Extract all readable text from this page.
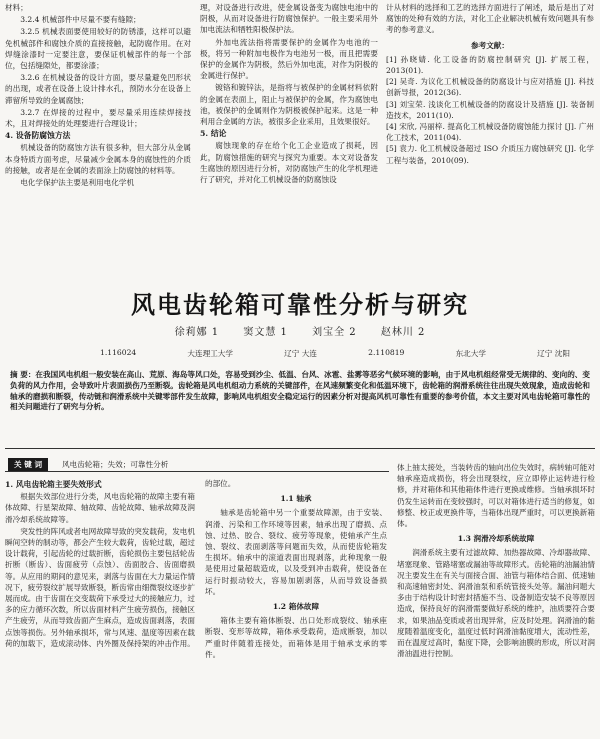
材料；

3.2.4 机械部件中尽量不要有缝隙；

3.2.5 机械表面要使用较好的防锈漆，这样可以避免机械部件和腐蚀介质的直接接触，起防腐作用。在对焊缝涂漆时一定要注意，要保证机械部件的每一个部位，包括缝隙处，都要涂漆；

3.2.6 在机械设备的设计方面，要尽量避免凹形状的出现，或者在设备上设计排水孔，预防水分在设备上滞留所导致的金属腐蚀；

3.2.7 在焊接的过程中，要尽量采用连续焊接技术，且对焊接处的处理要进行合理设计；

4. 设备防腐蚀方法

机械设备的防腐蚀方法有很多种，但大部分从金属本身特质方面考虑，尽量减少金属本身的腐蚀性的介质的接触，或者是在金属的表面涂上防腐蚀的材料等。

电化学保护法主要是利用电化学机

理，对设备进行改进，使金属设备变为腐蚀电池中的阴极，从而对设备进行防腐蚀保护。一般主要采用外加电流法和牺牲阳极保护法。

外加电流法指将需要保护的金属作为电池的一极，将另一种附加电极作为电池另一极，而且把需要保护的金属作为阴极，然后外加电流，对作为阴极的金属进行保护。

镀铬和镀锌法，是指将与被保护的金属材料依附的金属在表面上，阻止与被保护的金属，作为腐蚀电池，被保护的金属则作为阴极被保护起来。这是一种利用合金属的方法，被很多企业采用，且效果很好。

5. 结论

腐蚀现象的存在给个化工企业造成了损耗，因此，防腐蚀措施的研究与探究为重要。本文对设备发生腐蚀的原因进行分析，对防腐蚀产生的化学机理进行了研究，并对化工机械设备的防腐蚀设

计从材料的选择和工艺的选择方面进行了阐述，最后是出了对腐蚀的处种有效的方法，对化工企业解决机械有效问题具有参考的参考意义。

参考文献：

[1] 孙晓婧. 化工设备的防腐控制研究 [J]. 扩展工程，2013(01).

[2] 吴奇. 为议化工机械设备的防腐设计与应对措施 [J]. 科技创新导报，2012(36).

[3] 刘宝荣. 浅谈化工机械设备的防腐设计及措施 [J]. 装备制造技术，2011(10).

[4] 宋欣, 冯丽梓. 提高化工机械设备防腐蚀能力探讨 [J]. 广州化工技术，2011(04).

[5] 袁力. 化工机械设备超过 ISO 介质压力腐蚀研究 [J]. 化学工程与装备，2010(09).

风电齿轮箱可靠性分析与研究
徐莉娜 1 窦文慧 1 刘宝全 2 赵林川 2
1.116024	大连理工大学	辽宁 大连	2.110819	东北大学	辽宁 沈阳
摘 要：在我国风电机组一般安装在高山、荒原、海岛等风口处，容易受到沙尘、低温、台风、冰雹、盐雾等恶劣气候环境的影响，由于风电机组经常受无规律的、变向的、变负荷的风力作用，会导致叶片表面损伤乃至断裂。齿轮箱是风电机组动力系统的关键部件，在风速频繁变化和低温环境下，齿轮箱的润滑系统往往出现失效现象，造成齿轮和轴承的磨损和断裂，传动链和润滑系统中关键零部件发生故障，影响风电机组安全稳定运行的因素分析对提高风机可靠性有重要的参考价值，本文主要对风电齿轮箱可靠性的相关问题进行了研究与分析。
关 键 词	风电齿轮箱；失效；可靠性分析
1. 风电齿轮箱主要失效形式

根据失效部位进行分类，风电齿轮箱的故障主要有箱体故障、行星架故障、轴故障、齿轮故障、轴承故障及润滑冷却系统故障等。

突发性的阵风或者电网故障导致的突发载荷，发电机瞬间空转的制动等，都会产生较大载荷，齿轮过载，超过设计载荷，引起齿轮的过载折断，齿轮损伤主要包括轮齿折断（断齿）、齿面疲劳（点蚀）、齿面胶合、齿面磨损等。从应用的期间的意见来，剥落与齿面在大力量运作情况下，疲劳裂纹扩展导致断裂，断齿常由细微裂纹逐步扩展而成。由于齿面在交变载荷下承受过大的接触应力，过多的应力循环次数，所以齿面材料产生疲劳损伤，接触区产生疲劳，从而导致齿面产生麻点，造成齿面剥落，表面点蚀等损伤。另外轴承损坏，常与风速、温度等因素在载荷的加载下，造成滚动体、内外圈及保持架的冲击作用。

的部位。

1.1 轴承

轴承是齿轮箱中另一个重要故障源，由于安装、润滑、污染和工作环境等因素，轴承出现了磨损、点蚀、过热、胶合、裂纹、疲劳等现象，使轴承产生点蚀、裂纹、表面剥落等问题而失效，从而使齿轮箱发生损坏。轴承中的滚道表面出现剥落，此种现象一般是使用过量超载造成，以及受到冲击载荷，使设备在运行时振动较大，容易加剧剥落，从而导致设备损坏。

1.2 箱体故障

箱体主要有箱体断裂、出口处形成裂纹、轴承座断裂、变形等故障，箱体承受载荷，造成断裂，加以严重时伴随着连接处，而箱体是用于轴承支承的零件。

体上抽太接处，当装转齿的轴向出位失效时，病转轴可能对轴承座造成损伤，将会出现裂纹，应立即停止运转进行检修，并对箱体和其他箱体件进行更换或维修。当轴承损坏时仍发生运转而在变较强时，可以对箱体进行适当的修复，如修整、校正或更换件等，当箱体出现严重时，可以更换新箱体。

1.3 润滑冷却系统故障

润滑系统主要有过滤故障、加热器故障、冷却器故障、堵塞现象、管路堵塞或漏油等故障形式。齿轮箱的油漏油情况主要发生在有关与面接合面、油管与箱体结合面、低速轴和高速轴密封处、润滑油泵和系统管接头处等。漏油问题大多由于结构设计时密封措施不当、设备制造安装不良等原因造成，保持良好的润滑需要做好系统的维护，油质要符合要求，如果油品变质或者出现异常，应及时处理。润滑油的黏度随着温度变化，温度过低时润滑油黏度增大，流动性差，而在温度过高时，黏度下降，会影响油膜的形成，所以对润滑油温进行控制。
